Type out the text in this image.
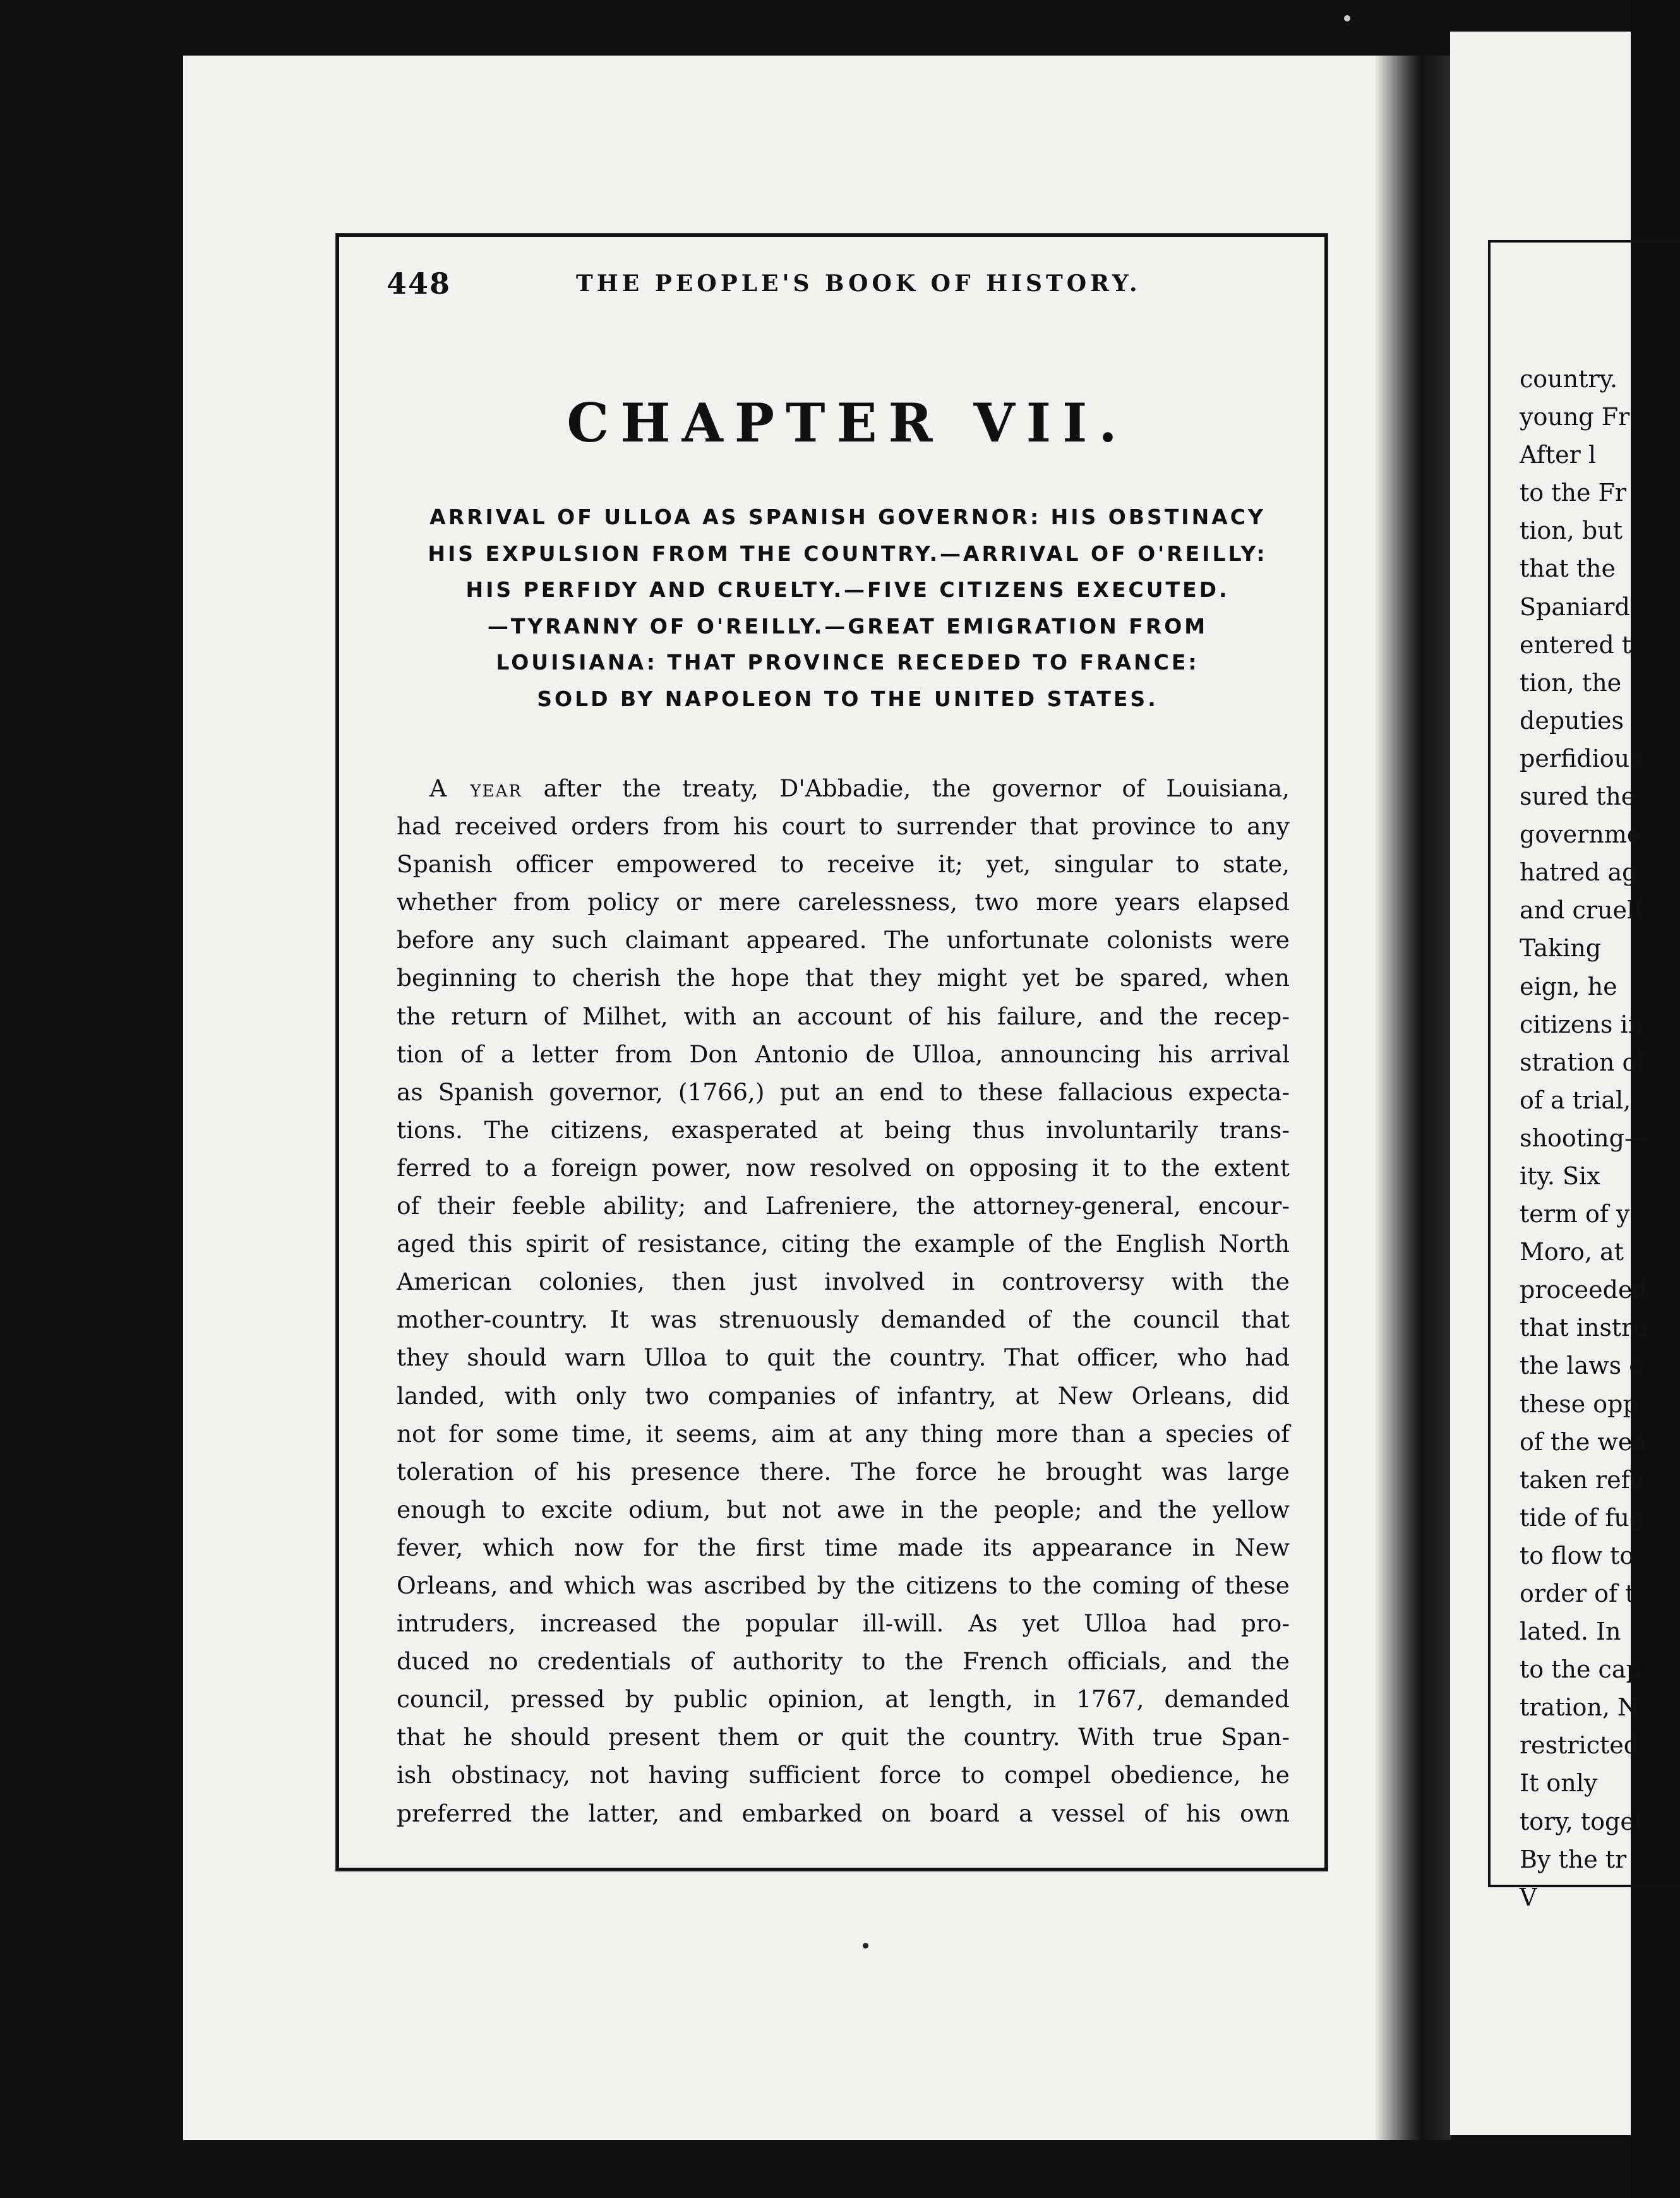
country.
young Fr
After l
to the Fr
tion, but
that the
Spaniard
entered t
tion, the
deputies
perfidious
sured the
governme
hatred ag
and cruelt
Taking
eign, he
citizens in
stration of
of a trial,
shooting—
ity. Six
term of y
Moro, at
proceeded
that instru
the laws c
these opp
of the wea
taken refu
tide of fug
to flow to
order of t
lated. In
to the cap
tration, N
restricted
It only
tory, toget
By the tr
V
448	THE PEOPLE'S BOOK OF HISTORY.
CHAPTER VII.
ARRIVAL OF ULLOA AS SPANISH GOVERNOR: HIS OBSTINACY
HIS EXPULSION FROM THE COUNTRY.—ARRIVAL OF O'REILLY:
HIS PERFIDY AND CRUELTY.—FIVE CITIZENS EXECUTED.
—TYRANNY OF O'REILLY.—GREAT EMIGRATION FROM
LOUISIANA: THAT PROVINCE RECEDED TO FRANCE:
SOLD BY NAPOLEON TO THE UNITED STATES.
A year after the treaty, D'Abbadie, the governor of Louisiana,
had received orders from his court to surrender that province to any
Spanish officer empowered to receive it; yet, singular to state,
whether from policy or mere carelessness, two more years elapsed
before any such claimant appeared. The unfortunate colonists were
beginning to cherish the hope that they might yet be spared, when
the return of Milhet, with an account of his failure, and the recep-
tion of a letter from Don Antonio de Ulloa, announcing his arrival
as Spanish governor, (1766,) put an end to these fallacious expecta-
tions. The citizens, exasperated at being thus involuntarily trans-
ferred to a foreign power, now resolved on opposing it to the extent
of their feeble ability; and Lafreniere, the attorney-general, encour-
aged this spirit of resistance, citing the example of the English North
American colonies, then just involved in controversy with the
mother-country. It was strenuously demanded of the council that
they should warn Ulloa to quit the country. That officer, who had
landed, with only two companies of infantry, at New Orleans, did
not for some time, it seems, aim at any thing more than a species of
toleration of his presence there. The force he brought was large
enough to excite odium, but not awe in the people; and the yellow
fever, which now for the first time made its appearance in New
Orleans, and which was ascribed by the citizens to the coming of these
intruders, increased the popular ill-will. As yet Ulloa had pro-
duced no credentials of authority to the French officials, and the
council, pressed by public opinion, at length, in 1767, demanded
that he should present them or quit the country. With true Span-
ish obstinacy, not having sufficient force to compel obedience, he
preferred the latter, and embarked on board a vessel of his own
